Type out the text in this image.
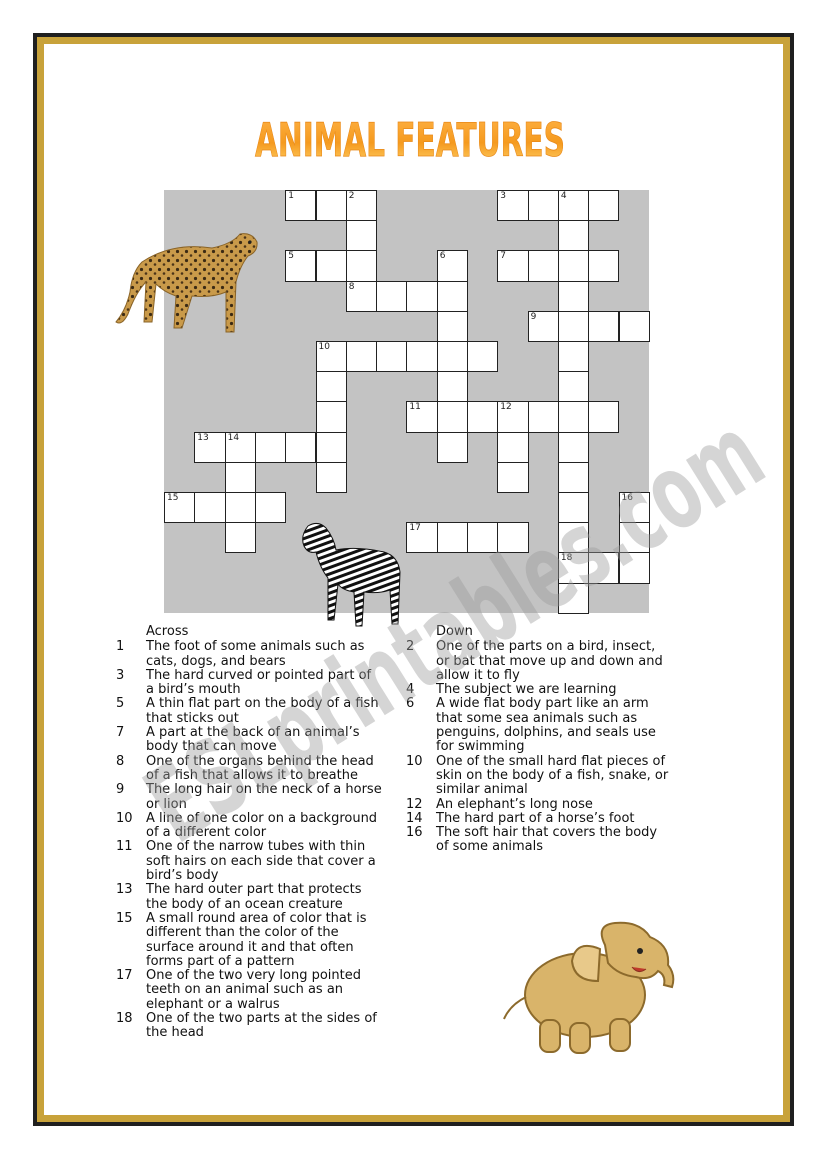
ANIMAL FEATURES
1	2	3	4
5	6	7
8
9
10
11	12
13 14
15	16
17
18
Across
1	The foot of some animals such as cats, dogs, and bears
3	The hard curved or pointed part of a bird’s mouth
5	A thin flat part on the body of a fish that sticks out
7	A part at the back of an animal’s body that can move
8	One of the organs behind the head of a fish that allows it to breathe
9	The long hair on the neck of a horse or lion
10	A line of one color on a background of a different color
11	One of the narrow tubes with thin soft hairs on each side that cover a bird’s body
13	The hard outer part that protects the body of an ocean creature
15	A small round area of color that is different than the color of the surface around it and that often forms part of a pattern
17	One of the two very long pointed teeth on an animal such as an elephant or a walrus
18	One of the two parts at the sides of the head
Down
2	One of the parts on a bird, insect, or bat that move up and down and allow it to fly
4	The subject we are learning
6	A wide flat body part like an arm that some sea animals such as penguins, dolphins, and seals use for swimming
10	One of the small hard flat pieces of skin on the body of a fish, snake, or similar animal
12	An elephant’s long nose
14	The hard part of a horse’s foot
16	The soft hair that covers the body of some animals
